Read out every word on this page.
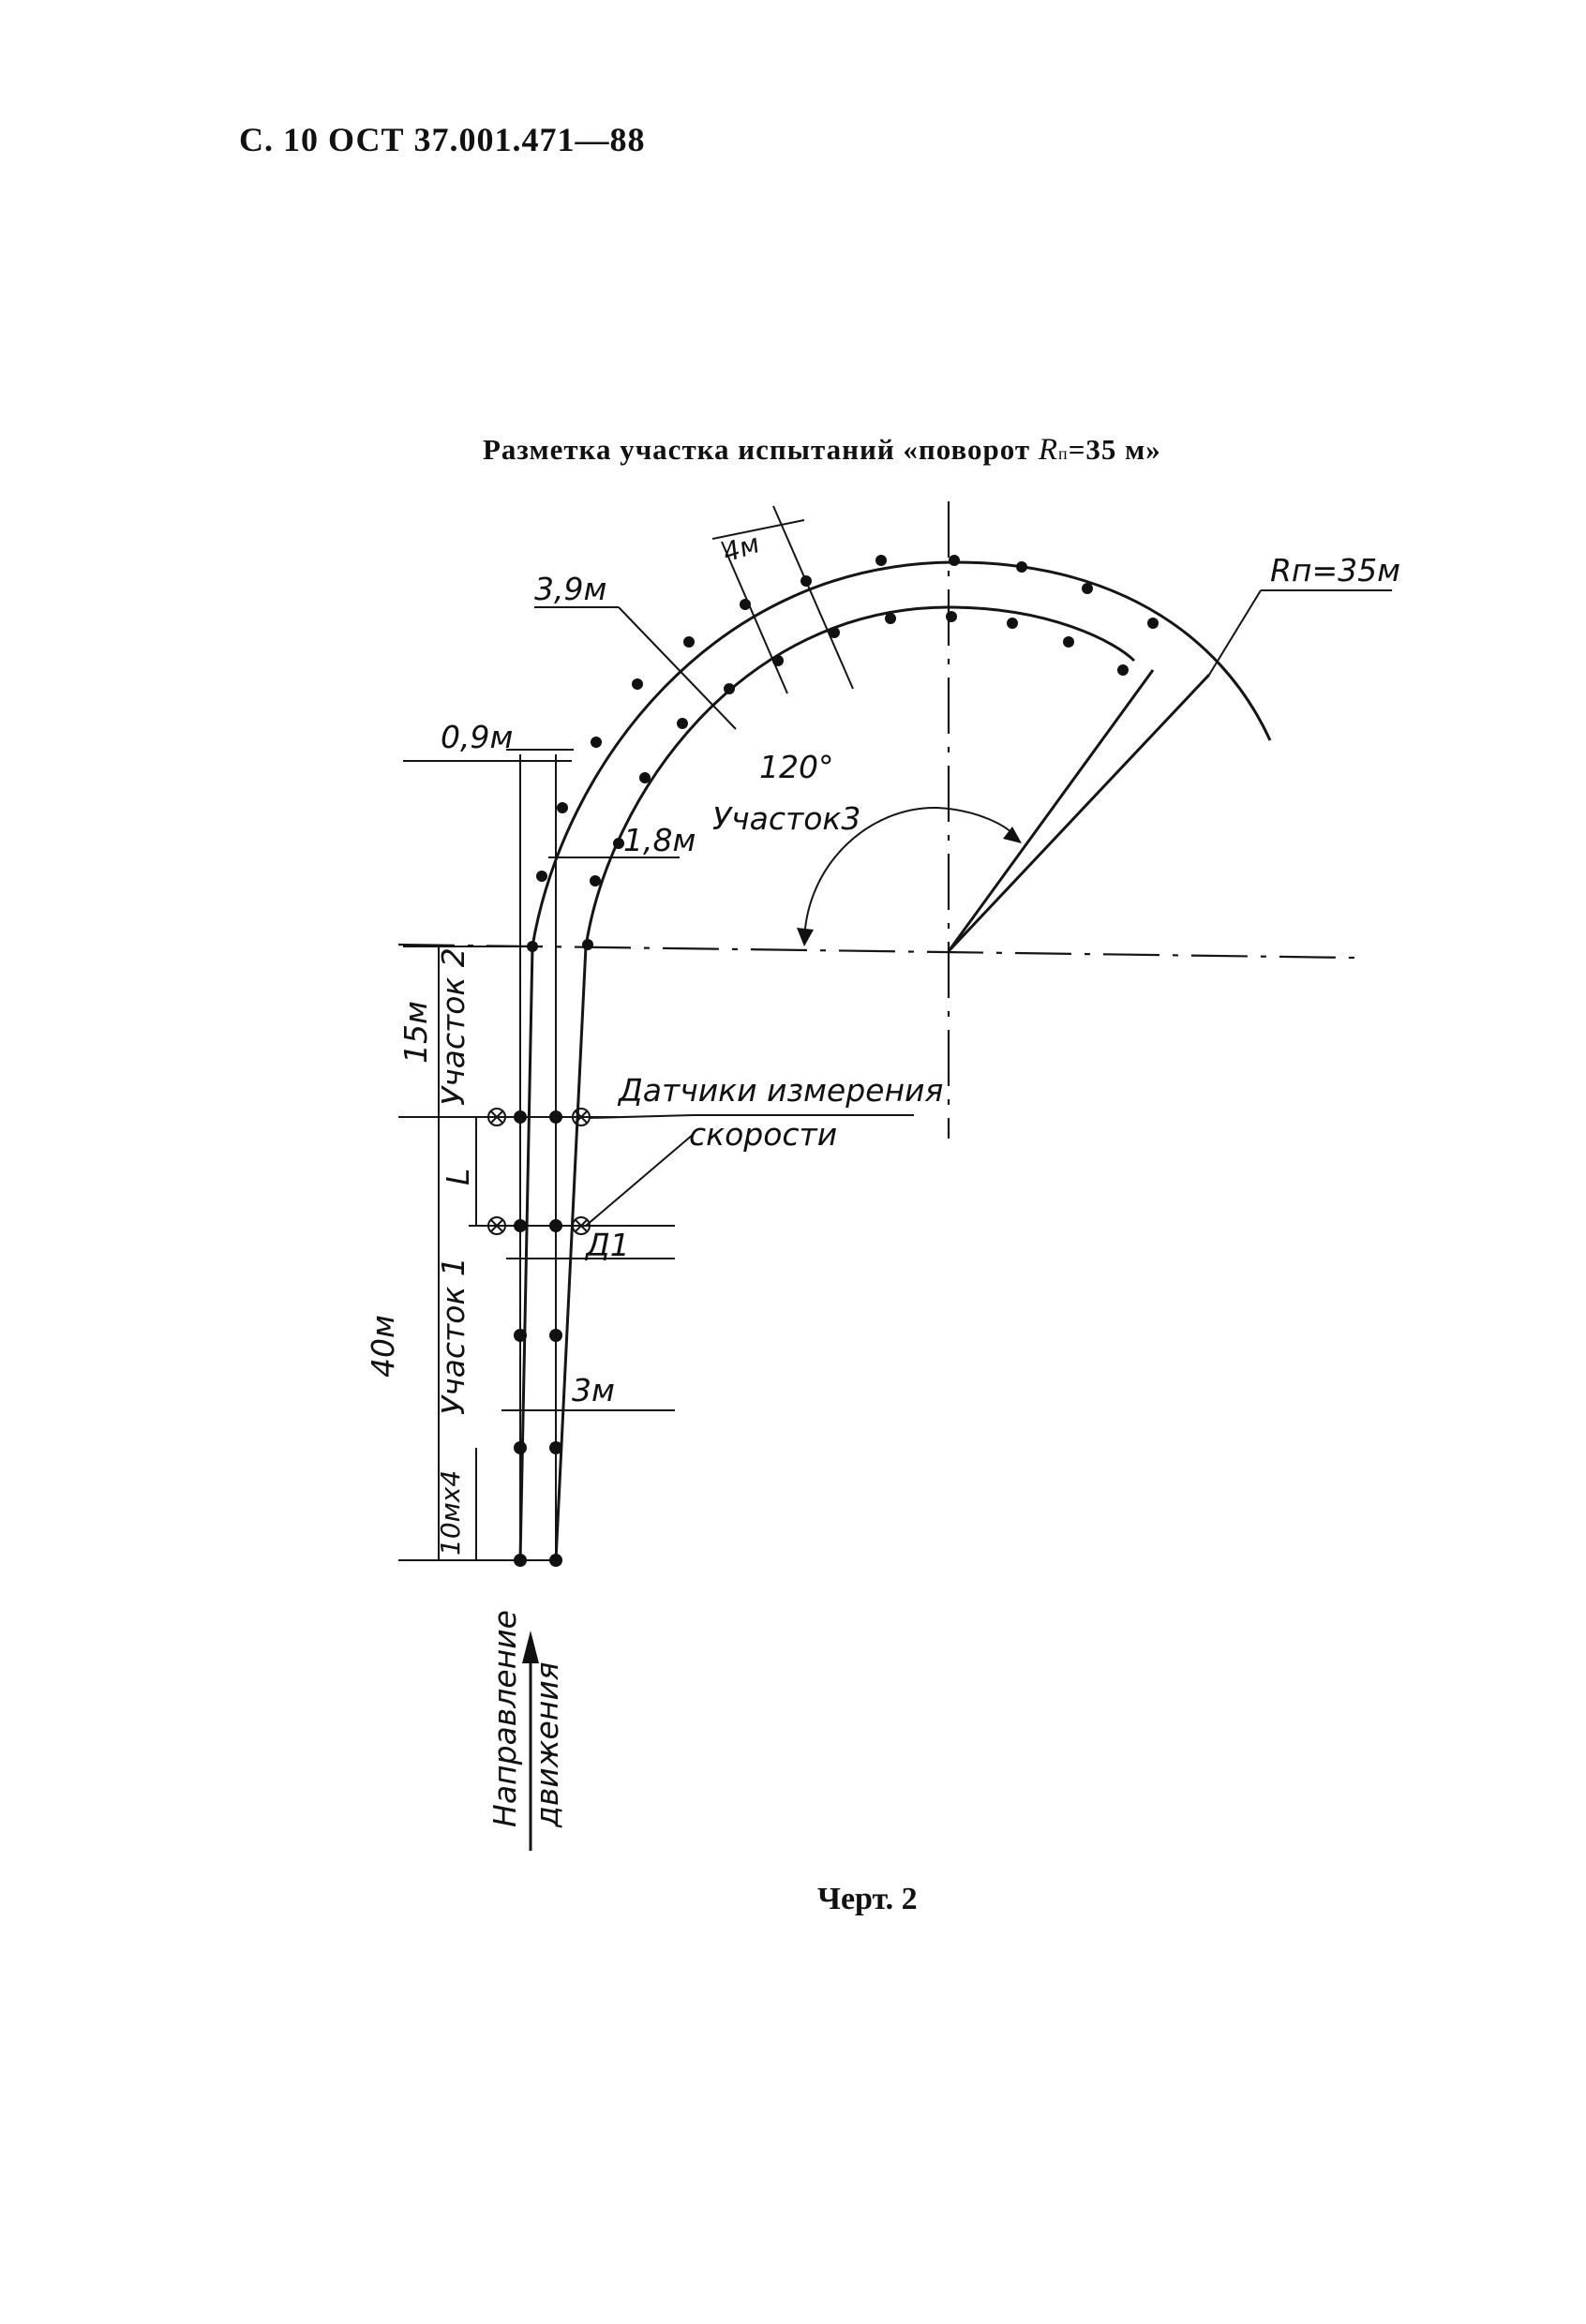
С. 10 ОСТ 37.001.471—88
Разметка участка испытаний «поворот Rп=35 м»
3,9м
4м
Rп=35м
0,9м
1,8м
120°
Участок3
15м Участок 2	Датчики измерения
скорости
L
Д1
40м Участок 1	3м
10мх4
Направление движения
Черт. 2
